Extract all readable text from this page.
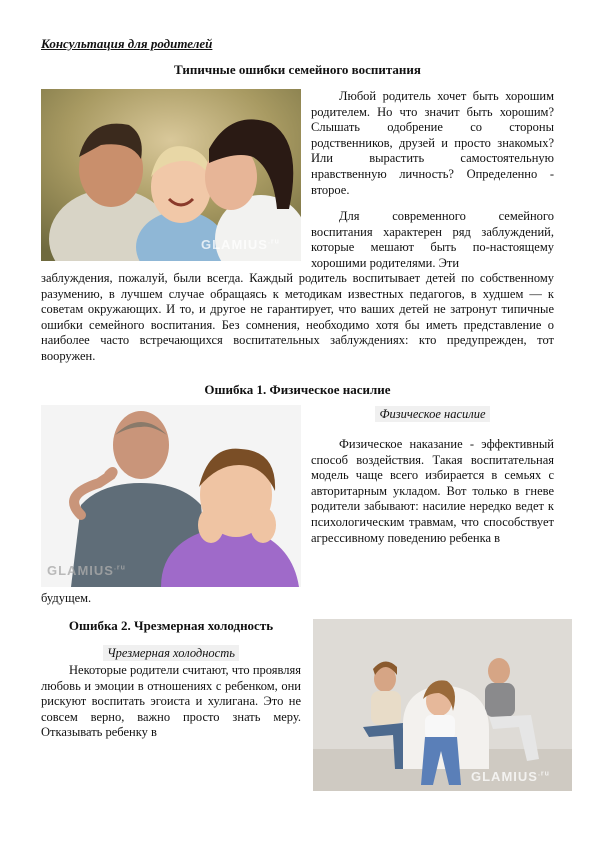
Консультация для родителей
Типичные ошибки семейного воспитания
$GLAMIUS^{.ru}$
Любой родитель хочет быть хорошим родителем. Но что значит быть хорошим? Слышать одобрение со стороны родственников, друзей и просто знакомых? Или вырастить самостоятельную нравственную личность? Определенно - второе.
Для современного семейного воспитания характерен ряд заблуждений, которые мешают быть по-настоящему хорошими родителями. Эти
заблуждения, пожалуй, были всегда. Каждый родитель воспитывает детей по собственному разумению, в лучшем случае обращаясь к методикам известных педагогов, в худшем — к советам окружающих. И то, и другое не гарантирует, что ваших детей не затронут типичные ошибки семейного воспитания. Без сомнения, необходимо хотя бы иметь представление о наиболее часто встречающихся воспитательных заблуждениях: кто предупрежден, тот вооружен.
Ошибка 1. Физическое насилие
$GLAMIUS^{.ru}$
Физическое насилие
Физическое наказание - эффективный способ воздействия. Такая воспитательная модель чаще всего избирается в семьях с авторитарным укладом. Вот только в гневе родители забывают: насилие нередко ведет к психологическим травмам, что способствует агрессивному поведению ребенка в
будущем.
Ошибка 2. Чрезмерная холодность
Чрезмерная холодность
Некоторые родители считают, что проявляя любовь и эмоции в отношениях с ребенком, они рискуют воспитать эгоиста и хулигана. Это не совсем верно, важно просто знать меру. Отказывать ребенку в
$GLAMIUS^{.ru}$
